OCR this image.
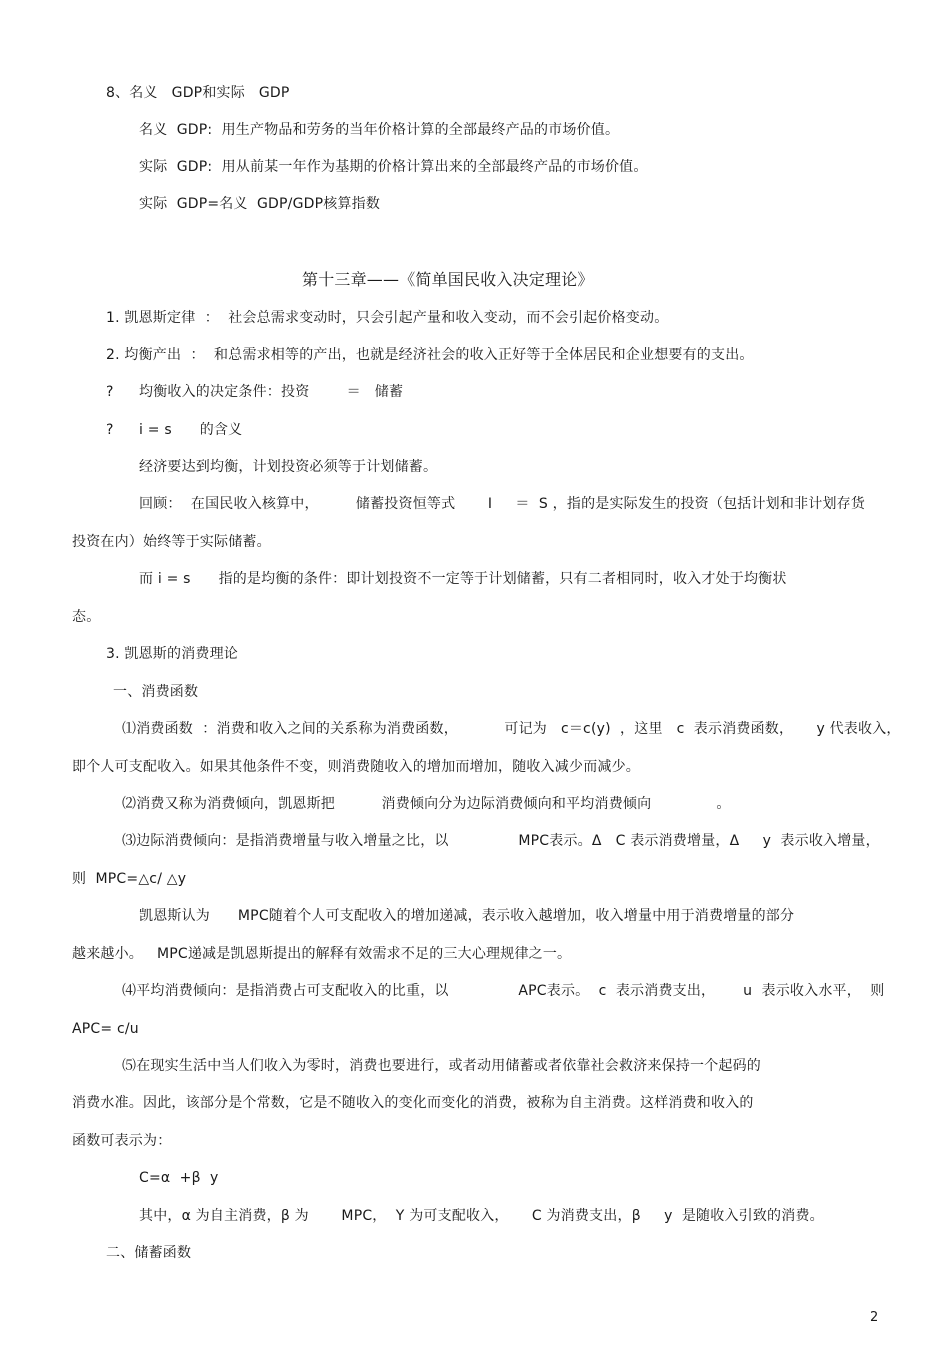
8、名义   GDP和实际   GDP
名义  GDP:  用生产物品和劳务的当年价格计算的全部最终产品的市场价值。
实际  GDP:  用从前某一年作为基期的价格计算出来的全部最终产品的市场价值。
实际  GDP=名义  GDP/GDP核算指数
第十三章——《简单国民收入决定理论》
1. 凯恩斯定律  ：  社会总需求变动时，只会引起产量和收入变动，而不会引起价格变动。
2. 均衡产出  ：  和总需求相等的产出，也就是经济社会的收入正好等于全体居民和企业想要有的支出。
? 均衡收入的决定条件：投资        ＝   储蓄
? i = s      的含义
经济要达到均衡，计划投资必须等于计划储蓄。
回顾：  在国民收入核算中，        储蓄投资恒等式       I     ＝  S ，指的是实际发生的投资（包括计划和非计划存货
投资在内）始终等于实际储蓄。
而 i = s      指的是均衡的条件：即计划投资不一定等于计划储蓄，只有二者相同时，收入才处于均衡状
态。
3. 凯恩斯的消费理论
一、消费函数
⑴消费函数  ：消费和收入之间的关系称为消费函数，          可记为   c＝c(y)  ，这里   c  表示消费函数，     y 代表收入，
即个人可支配收入。如果其他条件不变，则消费随收入的增加而增加，随收入减少而减少。
⑵消费又称为消费倾向，凯恩斯把          消费倾向分为边际消费倾向和平均消费倾向              。
⑶边际消费倾向：是指消费增量与收入增量之比，以               MPC表示。Δ   C 表示消费增量，Δ     y  表示收入增量，
则  MPC=△c/ △y
凯恩斯认为      MPC随着个人可支配收入的增加递减，表示收入越增加，收入增量中用于消费增量的部分
越来越小。   MPC递减是凯恩斯提出的解释有效需求不足的三大心理规律之一。
⑷平均消费倾向：是指消费占可支配收入的比重，以               APC表示。  c  表示消费支出，      u  表示收入水平，  则
APC= c/u
⑸在现实生活中当人们收入为零时，消费也要进行，或者动用储蓄或者依靠社会救济来保持一个起码的
消费水准。因此，该部分是个常数，它是不随收入的变化而变化的消费，被称为自主消费。这样消费和收入的
函数可表示为：
C=α  +β  y
其中，α 为自主消费，β 为       MPC，  Y 为可支配收入，     C 为消费支出，β     y  是随收入引致的消费。
二、储蓄函数
2
